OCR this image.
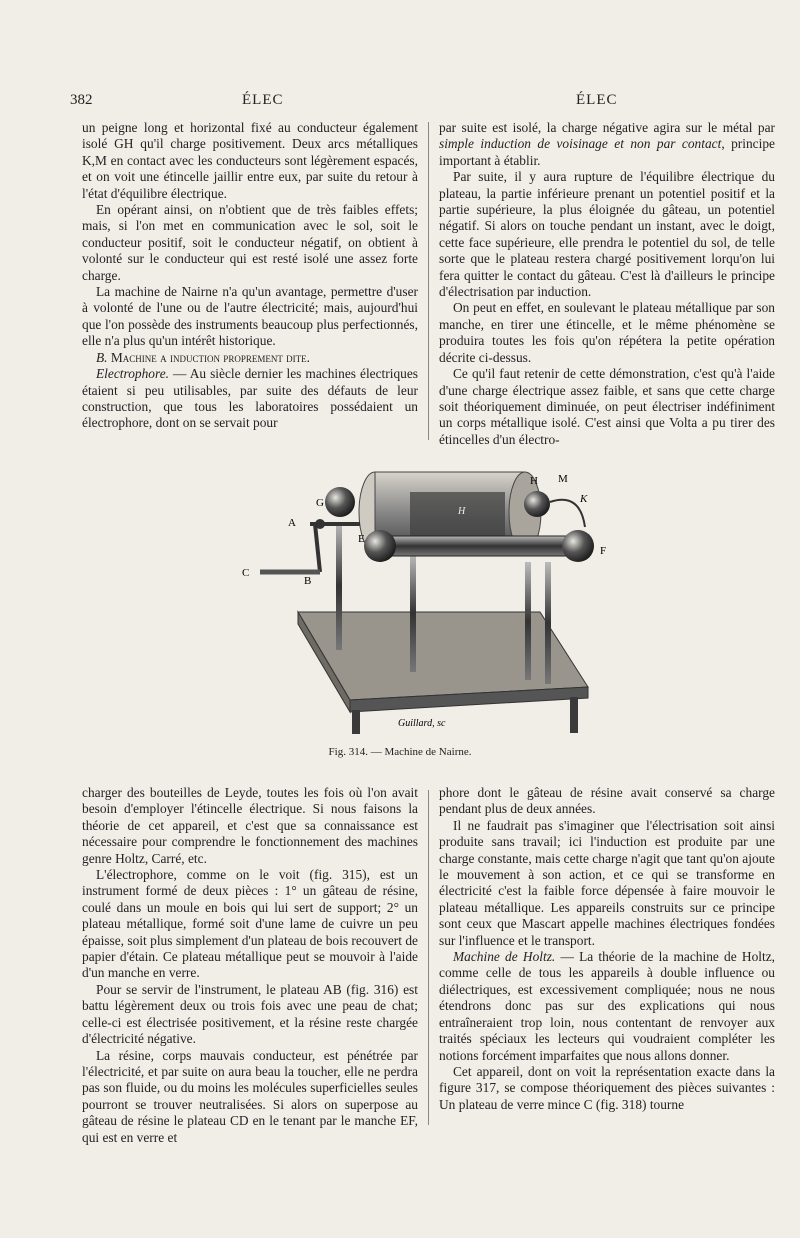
382	ÉLEC	ÉLEC

un peigne long et horizontal fixé au conducteur également isolé GH qu'il charge positivement. Deux arcs métalliques K,M en contact avec les conducteurs sont légèrement espacés, et on voit une étincelle jaillir entre eux, par suite du retour à l'état d'équilibre électrique.

En opérant ainsi, on n'obtient que de très faibles effets; mais, si l'on met en communication avec le sol, soit le conducteur positif, soit le conducteur négatif, on obtient à volonté sur le conducteur qui est resté isolé une assez forte charge.

La machine de Nairne n'a qu'un avantage, permettre d'user à volonté de l'une ou de l'autre électricité; mais, aujourd'hui que l'on possède des instruments beaucoup plus perfectionnés, elle n'a plus qu'un intérêt historique.

B. Machine a induction proprement dite.

Electrophore. — Au siècle dernier les machines électriques étaient si peu utilisables, par suite des défauts de leur construction, que tous les laboratoires possédaient un électrophore, dont on se servait pour

par suite est isolé, la charge négative agira sur le métal par simple induction de voisinage et non par contact, principe important à établir.

Par suite, il y aura rupture de l'équilibre électrique du plateau, la partie inférieure prenant un potentiel positif et la partie supérieure, la plus éloignée du gâteau, un potentiel négatif. Si alors on touche pendant un instant, avec le doigt, cette face supérieure, elle prendra le potentiel du sol, de telle sorte que le plateau restera chargé positivement lorqu'on lui fera quitter le contact du gâteau. C'est là d'ailleurs le principe d'électrisation par induction.

On peut en effet, en soulevant le plateau métallique par son manche, en tirer une étincelle, et le même phénomène se produira toutes les fois qu'on répétera la petite opération décrite ci-dessus.

Ce qu'il faut retenir de cette démonstration, c'est qu'à l'aide d'une charge électrique assez faible, et sans que cette charge soit théoriquement diminuée, on peut électriser indéfiniment un corps métallique isolé. C'est ainsi que Volta a pu tirer des étincelles d'un électro-

G
A
E
H
H M
K
F
B
C
Guillard, sc
Fig. 314. — Machine de Nairne.

charger des bouteilles de Leyde, toutes les fois où l'on avait besoin d'employer l'étincelle électrique. Si nous faisons la théorie de cet appareil, et c'est que sa connaissance est nécessaire pour comprendre le fonctionnement des machines genre Holtz, Carré, etc.

L'électrophore, comme on le voit (fig. 315), est un instrument formé de deux pièces : 1° un gâteau de résine, coulé dans un moule en bois qui lui sert de support; 2° un plateau métallique, formé soit d'une lame de cuivre un peu épaisse, soit plus simplement d'un plateau de bois recouvert de papier d'étain. Ce plateau métallique peut se mouvoir à l'aide d'un manche en verre.

Pour se servir de l'instrument, le plateau AB (fig. 316) est battu légèrement deux ou trois fois avec une peau de chat; celle-ci est électrisée positivement, et la résine reste chargée d'électricité négative.

La résine, corps mauvais conducteur, est pénétrée par l'électricité, et par suite on aura beau la toucher, elle ne perdra pas son fluide, ou du moins les molécules superficielles seules pourront se trouver neutralisées. Si alors on superpose au gâteau de résine le plateau CD en le tenant par le manche EF, qui est en verre et

phore dont le gâteau de résine avait conservé sa charge pendant plus de deux années.

Il ne faudrait pas s'imaginer que l'électrisation soit ainsi produite sans travail; ici l'induction est produite par une charge constante, mais cette charge n'agit que tant qu'on ajoute le mouvement à son action, et ce qui se transforme en électricité c'est la faible force dépensée à faire mouvoir le plateau métallique. Les appareils construits sur ce principe sont ceux que Mascart appelle machines électriques fondées sur l'influence et le transport.

Machine de Holtz. — La théorie de la machine de Holtz, comme celle de tous les appareils à double influence ou diélectriques, est excessivement compliquée; nous ne nous étendrons donc pas sur des explications qui nous entraîneraient trop loin, nous contentant de renvoyer aux traités spéciaux les lecteurs qui voudraient compléter les notions forcément imparfaites que nous allons donner.

Cet appareil, dont on voit la représentation exacte dans la figure 317, se compose théoriquement des pièces suivantes : Un plateau de verre mince C (fig. 318) tourne
